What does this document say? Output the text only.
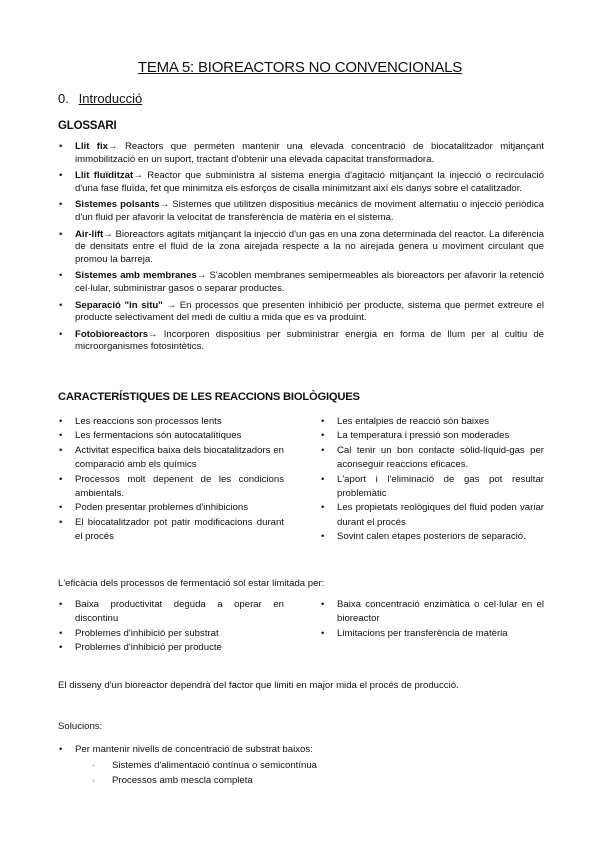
TEMA 5: BIOREACTORS NO CONVENCIONALS
0. Introducció
GLOSSARI
• Llit fix→ Reactors que permeten mantenir una elevada concentració de biocatalitzador mitjançant immobilització en un suport, tractant d'obtenir una elevada capacitat transformadora.
• Llit fluïditzat→ Reactor que subministra al sistema energia d'agitació mitjançant la injecció o recirculació d'una fase fluïda, fet que minimitza els esforços de cisalla minimitzant així els danys sobre el catalitzador.
• Sistemes polsants→ Sistemes que utilitzen dispositius mecànics de moviment alternatiu o injecció periòdica d'un fluid per afavorir la velocitat de transferència de matèria en el sistema.
• Air-lift→ Bioreactors agitats mitjançant la injecció d'un gas en una zona determinada del reactor. La diferència de densitats entre el fluid de la zona airejada respecte a la no airejada genera u moviment circulant que promou la barreja.
• Sistemes amb membranes→ S'acoblen membranes semipermeables als bioreactors per afavorir la retenció cel·lular, subministrar gasos o separar productes.
• Separació "in situ" → En processos que presenten inhibició per producte, sistema que permet extreure el producte selectivament del medi de cultiu a mida que es va produint.
• Fotobioreactors→ Incorporen dispositius per subministrar energia en forma de llum per al cultiu de microorganismes fotosintètics.
CARACTERÍSTIQUES DE LES REACCIONS BIOLÒGIQUES
• Les reaccions son processos lents
• Les fermentacions són autocatalítiques
• Activitat específica baixa dels biocatalitzadors en comparació amb els químics
• Processos molt depenent de les condicions ambientals.
• Poden presentar problemes d'inhibicions
• El biocatalitzador pot patir modificacions durant el procés
• Les entalpies de reacció són baixes
• La temperatura i pressió son moderades
• Cal tenir un bon contacte sòlid-líquid-gas per aconseguir reaccions eficaces.
• L'aport i l'eliminació de gas pot resultar problemàtic
• Les propietats reològiques del fluid poden variar durant el procés
• Sovint calen etapes posteriors de separació.
L'eficàcia dels processos de fermentació sol estar limitada per:
• Baixa productivitat deguda a operar en discontinu
• Problemes d'inhibició per substrat
• Problemes d'inhibició per producte
• Baixa concentració enzimàtica o cel·lular en el bioreactor
• Limitacions per transferència de matèria
El disseny d'un bioreactor dependrà del factor que limiti en major mida el procés de producció.
Solucions:
• Per mantenir nivells de concentració de substrat baixos:
◦ Sistemes d'alimentació contínua o semicontínua
◦ Processos amb mescla completa
